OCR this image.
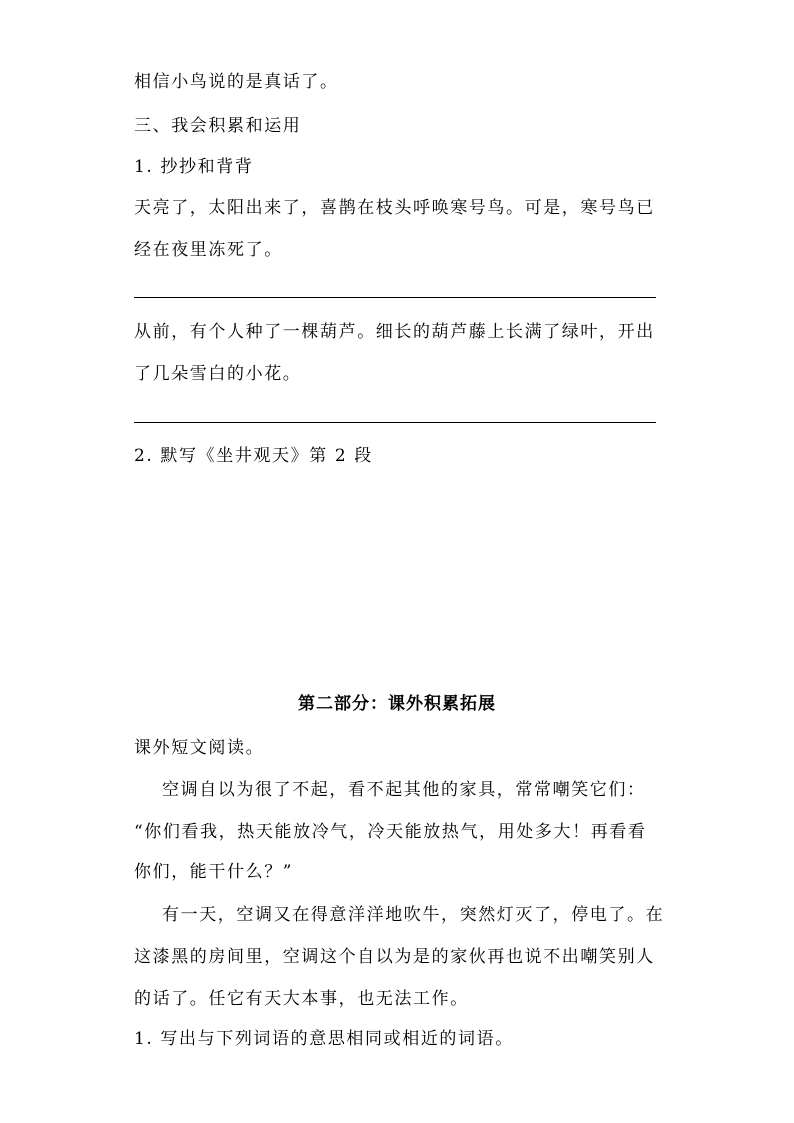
相信小鸟说的是真话了。
三、我会积累和运用
1. 抄抄和背背
天亮了，太阳出来了，喜鹊在枝头呼唤寒号鸟。可是，寒号鸟已
经在夜里冻死了。
从前，有个人种了一棵葫芦。细长的葫芦藤上长满了绿叶，开出
了几朵雪白的小花。
2. 默写《坐井观天》第 2 段
第二部分：课外积累拓展
课外短文阅读。
空调自以为很了不起，看不起其他的家具，常常嘲笑它们：
“你们看我，热天能放冷气，冷天能放热气，用处多大！再看看
你们，能干什么？”
有一天，空调又在得意洋洋地吹牛，突然灯灭了，停电了。在
这漆黑的房间里，空调这个自以为是的家伙再也说不出嘲笑别人
的话了。任它有天大本事，也无法工作。
1. 写出与下列词语的意思相同或相近的词语。
